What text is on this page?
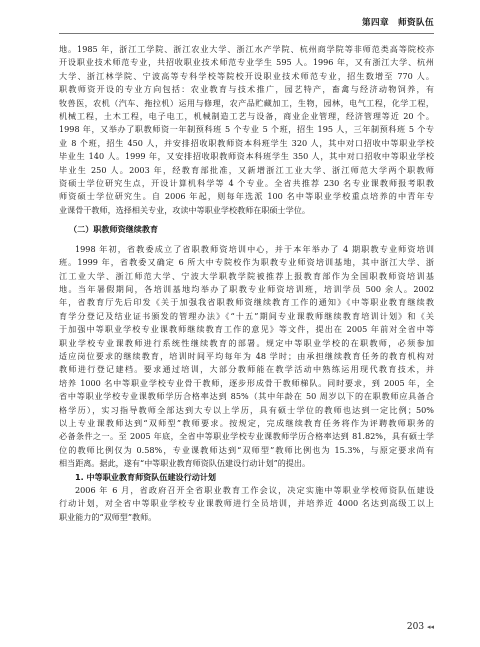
第四章　师资队伍
地。1985 年，浙江工学院、浙江农业大学、浙江水产学院、杭州商学院等非师范类高等院校亦
开设职业技术师范专业，共招收职业技术师范专业学生 595 人。1996 年，又有浙江大学、杭州
大学、浙江林学院、宁波高等专科学校等院校开设职业技术师范专业，招生数增至 770 人。
职教师资开设的专业方向包括：农业教育与技术推广，园艺特产，畜禽与经济动物饲养，有
牧兽医，农机（汽车、拖拉机）运用与修理，农产品贮藏加工，生物，园林，电气工程，化学工程，
机械工程，土木工程，电子电工，机械制造工艺与设备，商业企业管理，经济管理等近 20 个。
1998 年，又举办了职教师资一年制预科班 5 个专业 5 个班，招生 195 人，三年制预科班 5 个专
业 8 个班，招生 450 人，并安排招收职教师资本科班学生 320 人，其中对口招收中等职业学校
毕业生 140 人。1999 年，又安排招收职教师资本科班学生 350 人，其中对口招收中等职业学校
毕业生 250 人。2003 年，经教育部批准，又新增浙江工业大学、浙江师范大学两个职教师
资硕士学位研究生点，开设计算机科学等 4 个专业。全省共推荐 230 名专业课教师报考职教
师资硕士学位研究生。自 2006 年起，则每年选派 100 名中等职业学校重点培养的中青年专
业课骨干教师，选择相关专业，攻读中等职业学校教师在职硕士学位。
（二）职教师资继续教育
1998 年初，省教委成立了省职教师资培训中心，并于本年举办了 4 期职教专业师资培训
班。1999 年，省教委又确定 6 所大中专院校作为职教专业师资培训基地，其中浙江大学、浙
江工业大学、浙江师范大学、宁波大学职教学院被推荐上报教育部作为全国职教师资培训基
地。当年暑假期间，各培训基地均举办了职教专业师资培训班，培训学员 500 余人。2002
年，省教育厅先后印发《关于加强我省职教师资继续教育工作的通知》《中等职业教育继续教
育学分登记及结业证书颁发的管理办法》《“十五”期间专业课教师继续教育培训计划》和《关
于加强中等职业学校专业课教师继续教育工作的意见》等文件，提出在 2005 年前对全省中等
职业学校专业课教师进行系统性继续教育的部署。规定中等职业学校的在职教师，必须参加
适应岗位要求的继续教育，培训时间平均每年为 48 学时；由承担继续教育任务的教育机构对
教师进行登记建档。要求通过培训，大部分教师能在教学活动中熟练运用现代教育技术，并
培养 1000 名中等职业学校专业骨干教师，逐步形成骨干教师梯队。同时要求，到 2005 年，全
省中等职业学校专业课教师学历合格率达到 85%（其中年龄在 50 周岁以下的在职教师应具备合
格学历），实习指导教师全部达到大专以上学历，具有硕士学位的教师也达到一定比例；50%
以上专业课教师达到“双师型”教师要求。按规定，完成继续教育任务将作为评聘教师职务的
必备条件之一。至 2005 年底，全省中等职业学校专业课教师学历合格率达到 81.82%，具有硕士学
位的教师比例仅为 0.58%，专业课教师达到“双师型”教师比例也为 15.3%，与原定要求尚有
相当距离。据此，遂有“中等职业教育师资队伍建设行动计划”的提出。
1. 中等职业教育师资队伍建设行动计划
2006 年 6 月，省政府召开全省职业教育工作会议，决定实施中等职业学校师资队伍建设
行动计划，对全省中等职业学校专业课教师进行全员培训，并培养近 4000 名达到高级工以上
职业能力的“双师型”教师。
203 ◂◂
